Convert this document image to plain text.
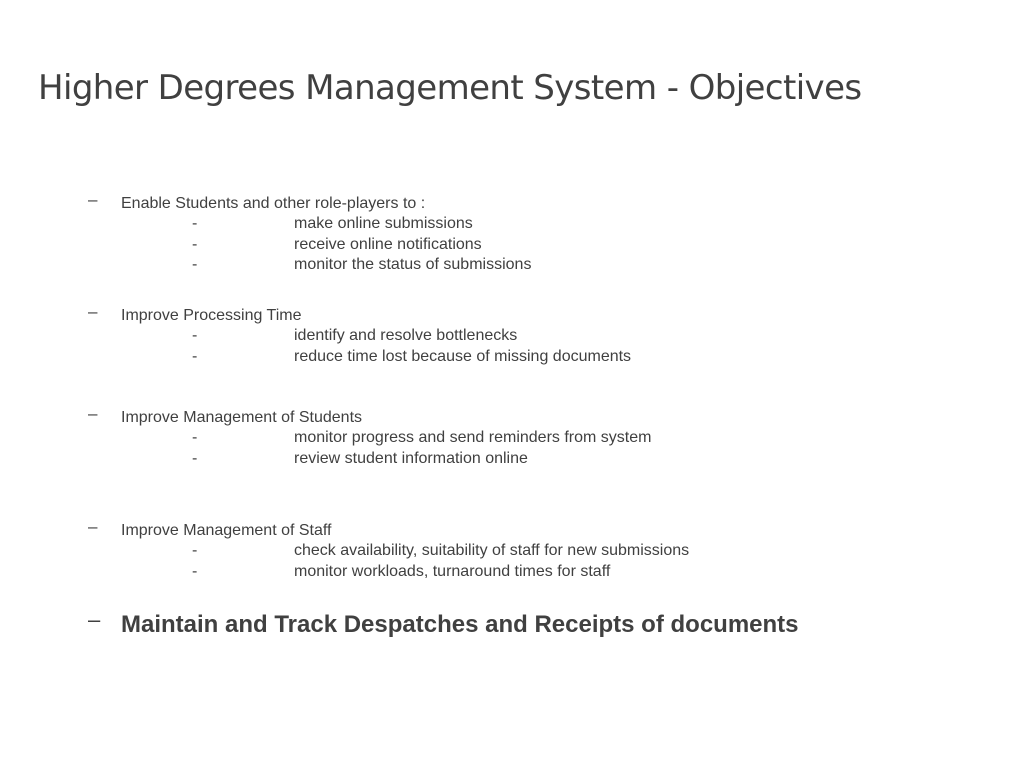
Higher Degrees Management System - Objectives
– Enable Students and other role-players to :
-	make online submissions
-	receive online notifications
-	monitor the status of submissions
– Improve Processing Time
-	identify and resolve bottlenecks
-	reduce time lost because of missing documents
– Improve Management of Students
-	monitor progress and send reminders from system
-	review student information online
– Improve Management of Staff
-	check availability, suitability of staff for new submissions
-	monitor workloads, turnaround times for staff
– Maintain and Track Despatches and Receipts of documents
